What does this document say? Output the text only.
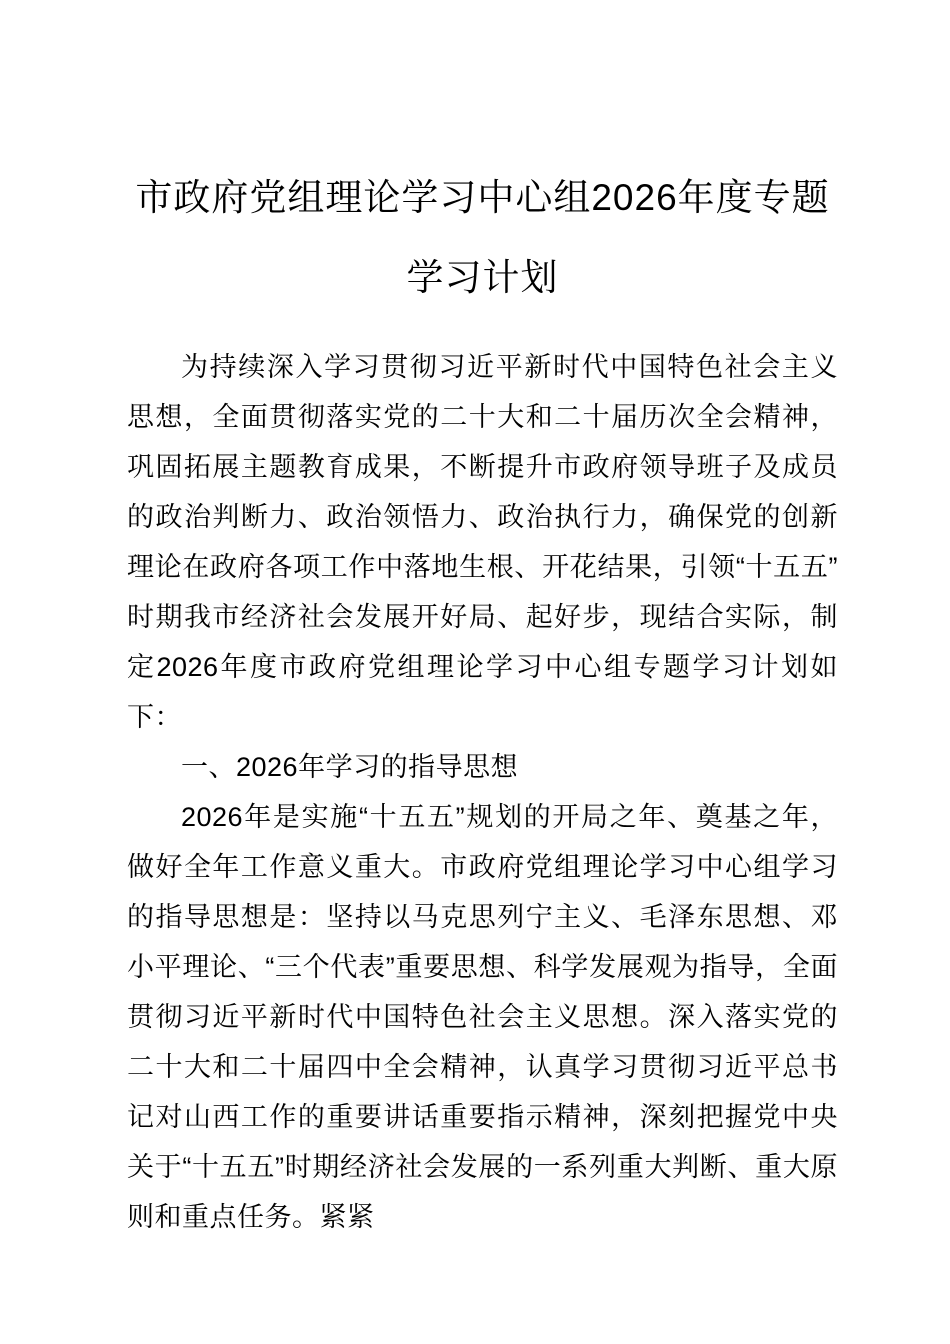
市政府党组理论学习中心组2026年度专题
学习计划

为持续深入学习贯彻习近平新时代中国特色社会主义思想，全面贯彻落实党的二十大和二十届历次全会精神，巩固拓展主题教育成果，不断提升市政府领导班子及成员的政治判断力、政治领悟力、政治执行力，确保党的创新理论在政府各项工作中落地生根、开花结果，引领“十五五”时期我市经济社会发展开好局、起好步，现结合实际，制定2026年度市政府党组理论学习中心组专题学习计划如下：

一、2026年学习的指导思想

2026年是实施“十五五”规划的开局之年、奠基之年，做好全年工作意义重大。市政府党组理论学习中心组学习的指导思想是：坚持以马克思列宁主义、毛泽东思想、邓小平理论、“三个代表”重要思想、科学发展观为指导，全面贯彻习近平新时代中国特色社会主义思想。深入落实党的二十大和二十届四中全会精神，认真学习贯彻习近平总书记对山西工作的重要讲话重要指示精神，深刻把握党中央关于“十五五”时期经济社会发展的一系列重大判断、重大原则和重点任务。紧紧
